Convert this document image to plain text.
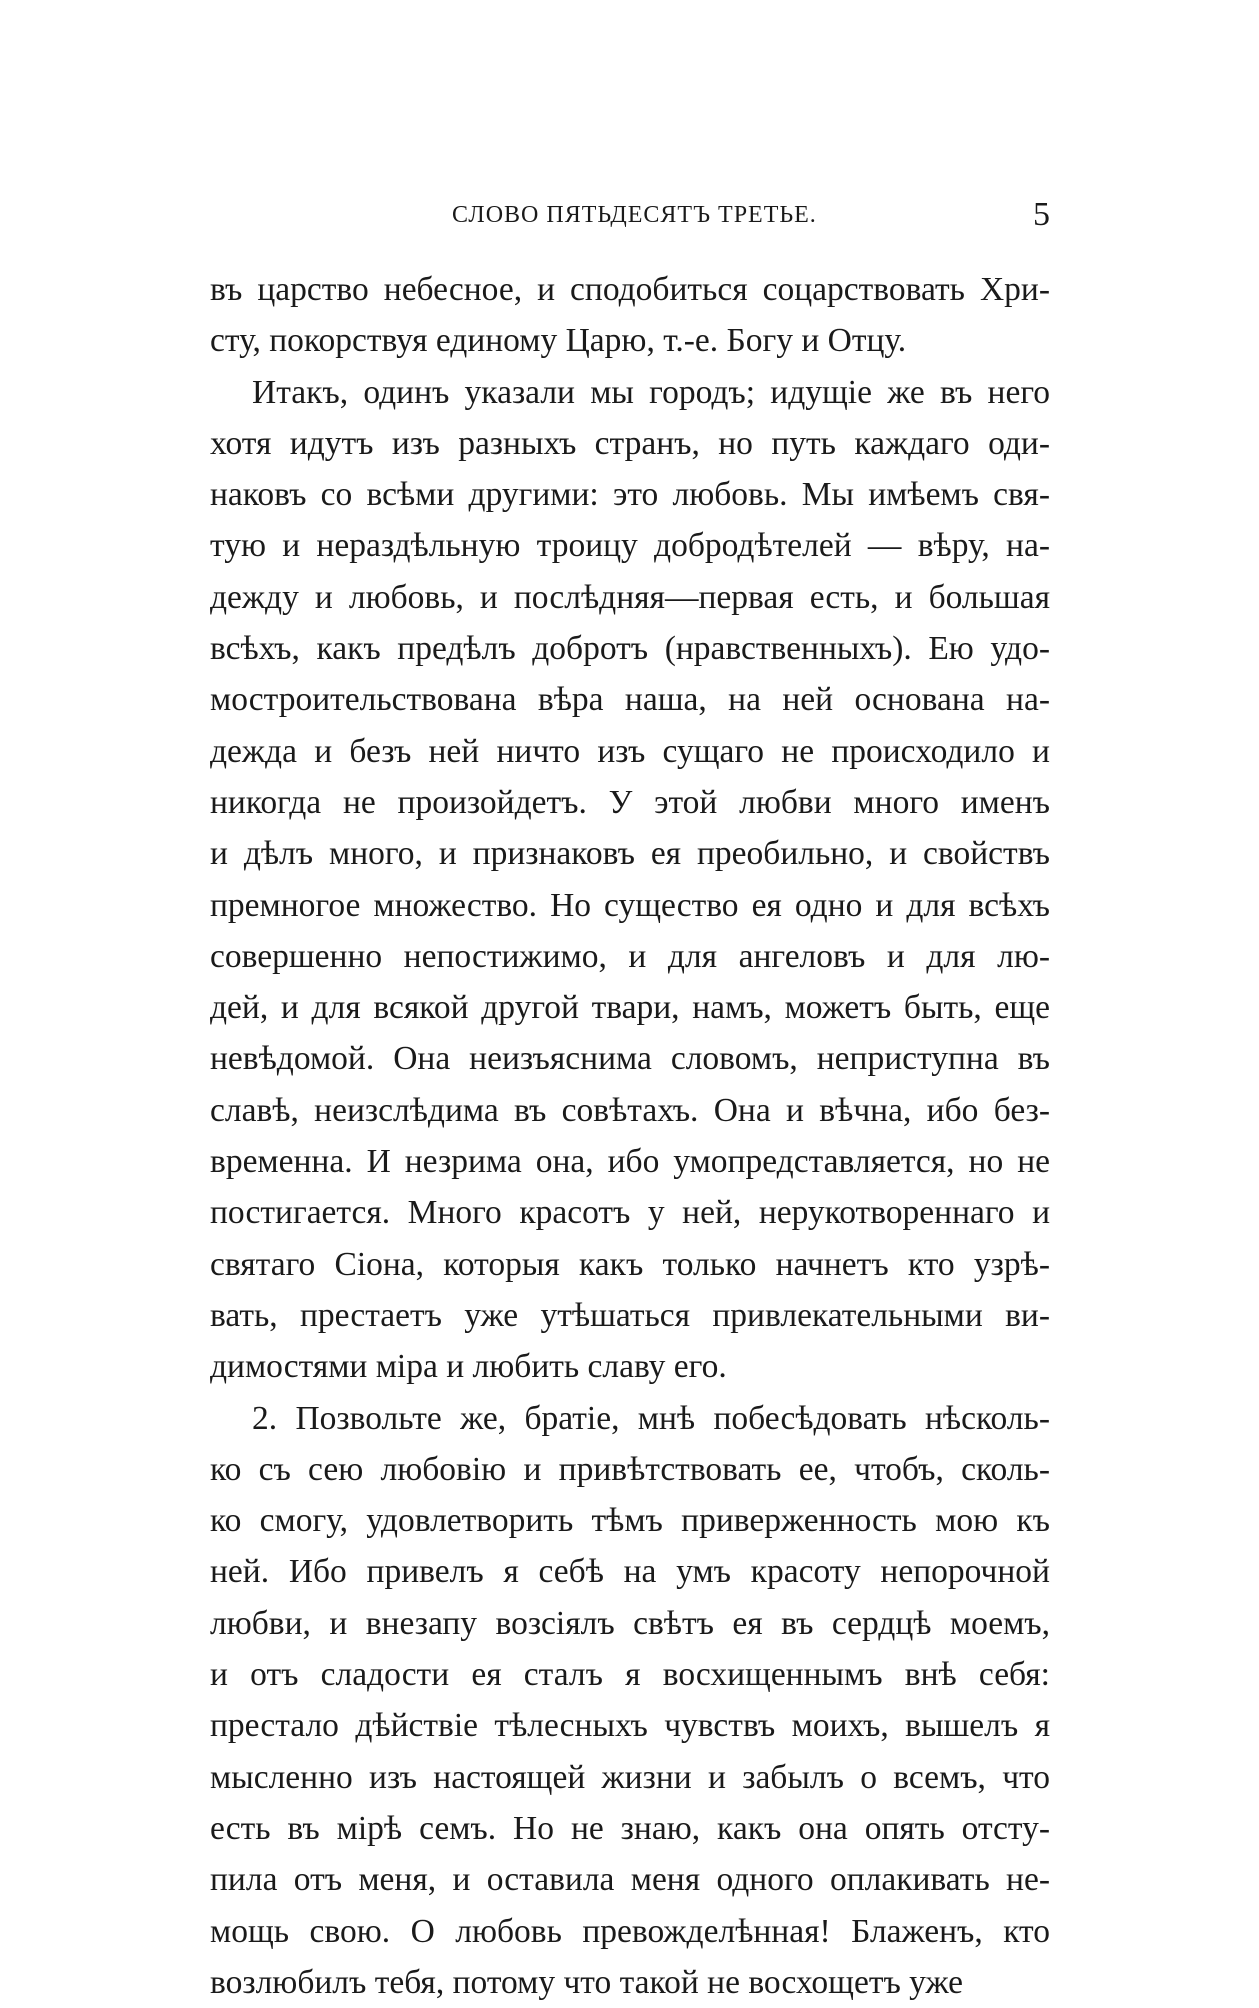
СЛОВО ПЯТЬДЕСЯТЪ ТРЕТЬЕ.	5
въ царство небесное, и сподобиться соцарствовать Хри-
сту, покорствуя единому Царю, т.-е. Богу и Отцу.
Итакъ, одинъ указали мы городъ; идущіе же въ него
хотя идутъ изъ разныхъ странъ, но путь каждаго оди-
наковъ со всѣми другими: это любовь. Мы имѣемъ свя-
тую и нераздѣльную троицу добродѣтелей — вѣру, на-
дежду и любовь, и послѣдняя—первая есть, и большая
всѣхъ, какъ предѣлъ добротъ (нравственныхъ). Ею удо-
мостроительствована вѣра наша, на ней основана на-
дежда и безъ ней ничто изъ сущаго не происходило и
никогда не произойдетъ. У этой любви много именъ
и дѣлъ много, и признаковъ ея преобильно, и свойствъ
премногое множество. Но существо ея одно и для всѣхъ
совершенно непостижимо, и для ангеловъ и для лю-
дей, и для всякой другой твари, намъ, можетъ быть, еще
невѣдомой. Она неизъяснима словомъ, неприступна въ
славѣ, неизслѣдима въ совѣтахъ. Она и вѣчна, ибо без-
временна. И незрима она, ибо умопредставляется, но не
постигается. Много красотъ у ней, нерукотвореннаго и
святаго Сіона, которыя какъ только начнетъ кто узрѣ-
вать, престаетъ уже утѣшаться привлекательными ви-
димостями міра и любить славу его.
2. Позвольте же, братіе, мнѣ побесѣдовать нѣсколь-
ко съ сею любовію и привѣтствовать ее, чтобъ, сколь-
ко смогу, удовлетворить тѣмъ приверженность мою къ
ней. Ибо привелъ я себѣ на умъ красоту непорочной
любви, и внезапу возсіялъ свѣтъ ея въ сердцѣ моемъ,
и отъ сладости ея сталъ я восхищеннымъ внѣ себя:
престало дѣйствіе тѣлесныхъ чувствъ моихъ, вышелъ я
мысленно изъ настоящей жизни и забылъ о всемъ, что
есть въ мірѣ семъ. Но не знаю, какъ она опять отсту-
пила отъ меня, и оставила меня одного оплакивать не-
мощь свою. О любовь превожделѣнная! Блаженъ, кто
возлюбилъ тебя, потому что такой не восхощетъ уже
